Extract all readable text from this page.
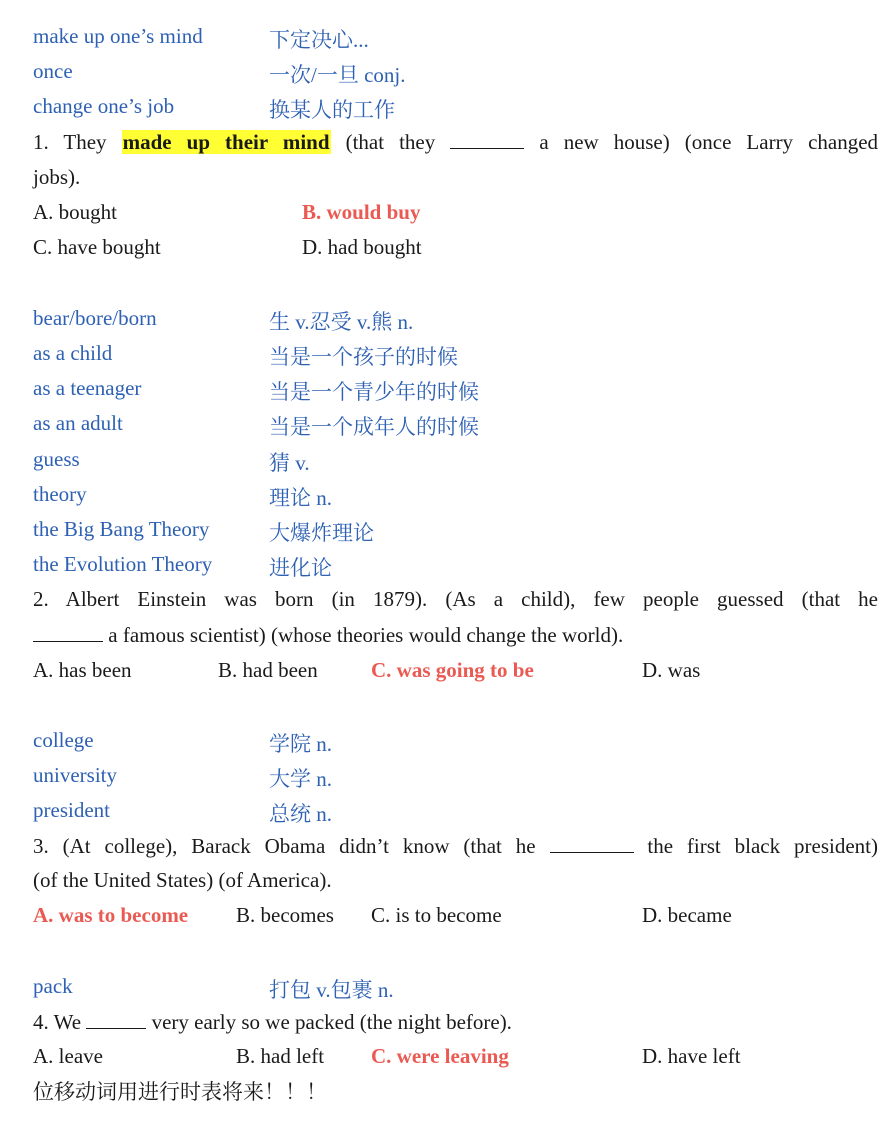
make up one’s mind	下定决心...
once	一次/一旦 conj.
change one’s job	换某人的工作
1. They made up their mind (that they	a new house) (once Larry changed
jobs).
A. bought	B. would buy
C. have bought	D. had bought
bear/bore/born	生 v.忍受 v.熊 n.
as a child	当是一个孩子的时候
as a teenager	当是一个青少年的时候
as an adult	当是一个成年人的时候
guess	猜 v.
theory	理论 n.
the Big Bang Theory	大爆炸理论
the Evolution Theory	进化论
2. Albert Einstein was born (in 1879). (As a child), few people guessed (that he
a famous scientist) (whose theories would change the world).
A. has been	B. had been	C. was going to be	D. was
college	学院 n.
university	大学 n.
president	总统 n.
3. (At college), Barack Obama didn’t know (that he	the first black president)
(of the United States) (of America).
A. was to become B. becomes C. is to become	D. became
pack	打包 v.包裹 n.
4. We	very early so we packed (the night before).
A. leave	B. had left C. were leaving	D. have left
位移动词用进行时表将来！！！
